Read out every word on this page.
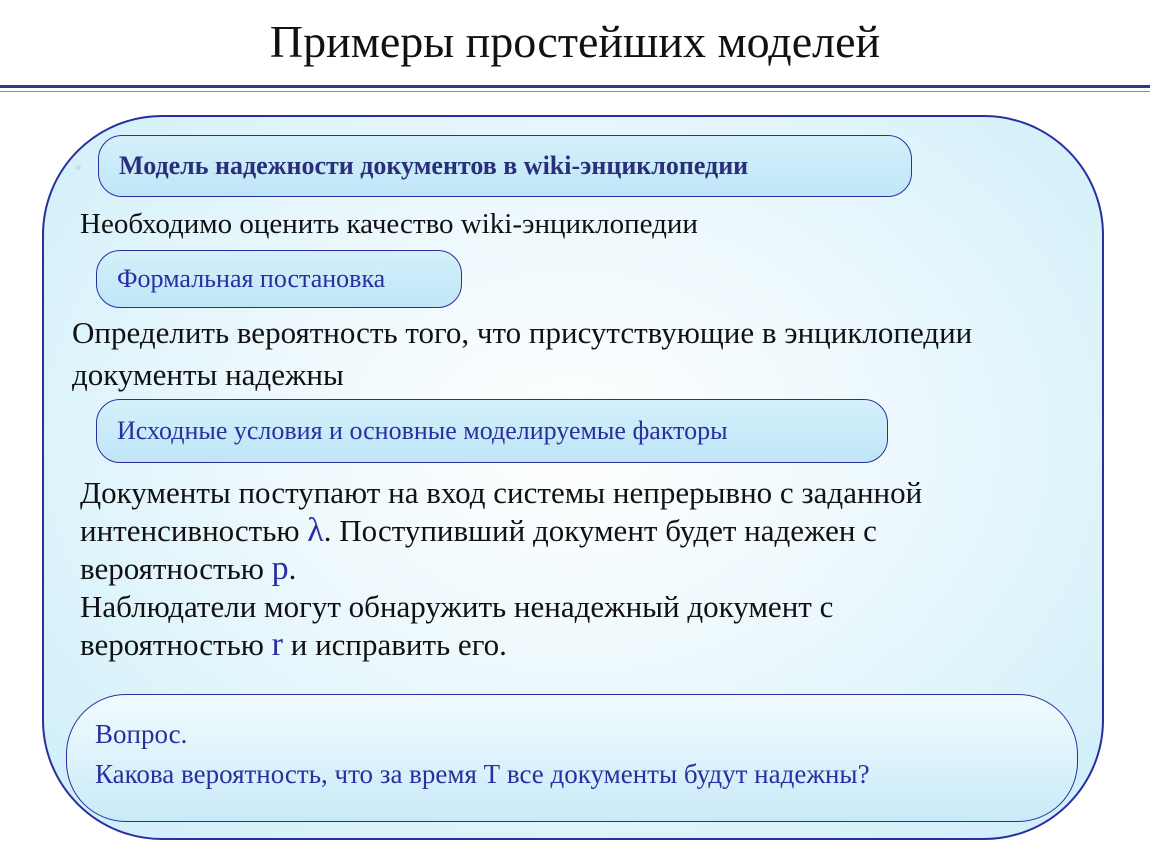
Примеры простейших моделей
Модель надежности документов в wiki-энциклопедии
Необходимо оценить качество wiki-энциклопедии
Формальная постановка
Определить вероятность того, что присутствующие в энциклопедии
документы надежны
Исходные условия и основные моделируемые факторы
Документы поступают на вход системы непрерывно с заданной
интенсивностью λ. Поступивший документ будет надежен с
вероятностью p.
Наблюдатели могут обнаружить ненадежный документ с
вероятностью r и исправить его.
Вопрос.
Какова вероятность, что за время Т все документы будут надежны?
